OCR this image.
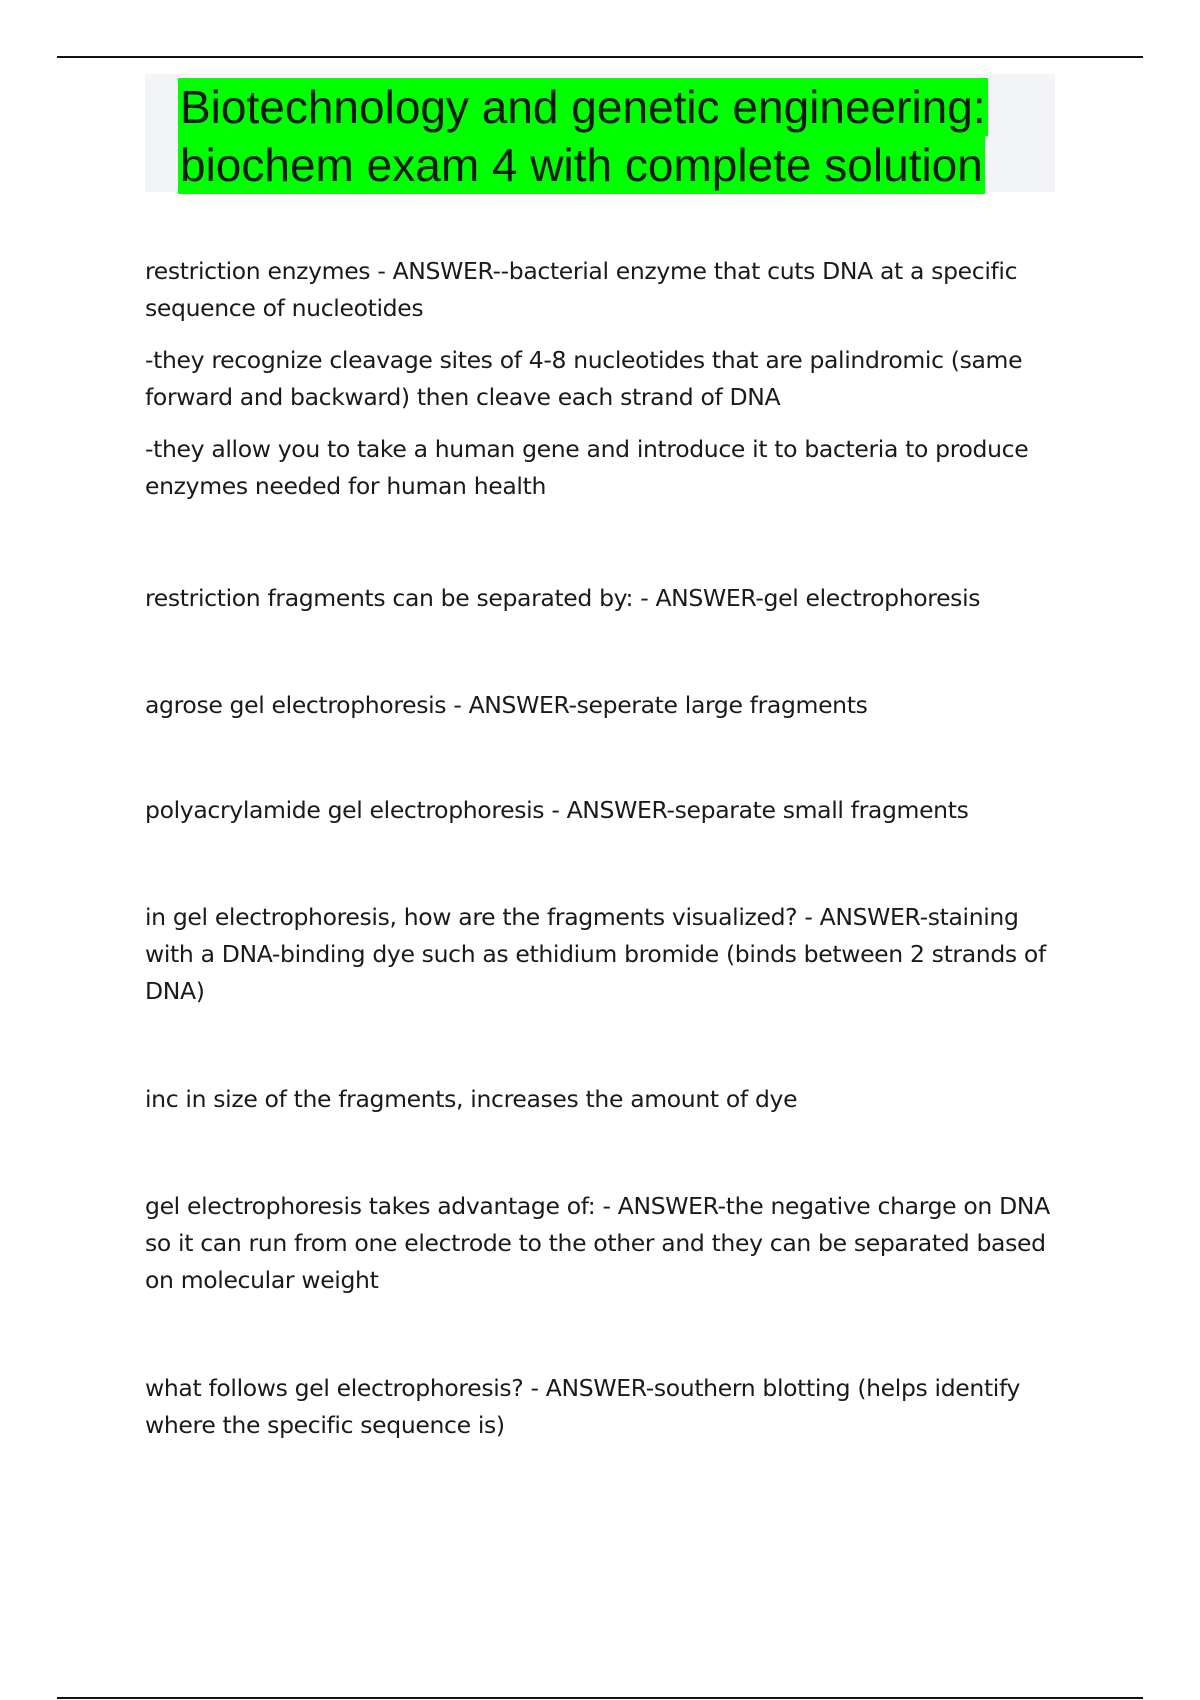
Biotechnology and genetic engineering:
biochem exam 4 with complete solution

restriction enzymes - ANSWER--bacterial enzyme that cuts DNA at a specific sequence of nucleotides

-they recognize cleavage sites of 4-8 nucleotides that are palindromic (same forward and backward) then cleave each strand of DNA

-they allow you to take a human gene and introduce it to bacteria to produce enzymes needed for human health

restriction fragments can be separated by: - ANSWER-gel electrophoresis

agrose gel electrophoresis - ANSWER-seperate large fragments

polyacrylamide gel electrophoresis - ANSWER-separate small fragments

in gel electrophoresis, how are the fragments visualized? - ANSWER-staining with a DNA-binding dye such as ethidium bromide (binds between 2 strands of DNA)

inc in size of the fragments, increases the amount of dye

gel electrophoresis takes advantage of: - ANSWER-the negative charge on DNA so it can run from one electrode to the other and they can be separated based on molecular weight

what follows gel electrophoresis? - ANSWER-southern blotting (helps identify where the specific sequence is)
